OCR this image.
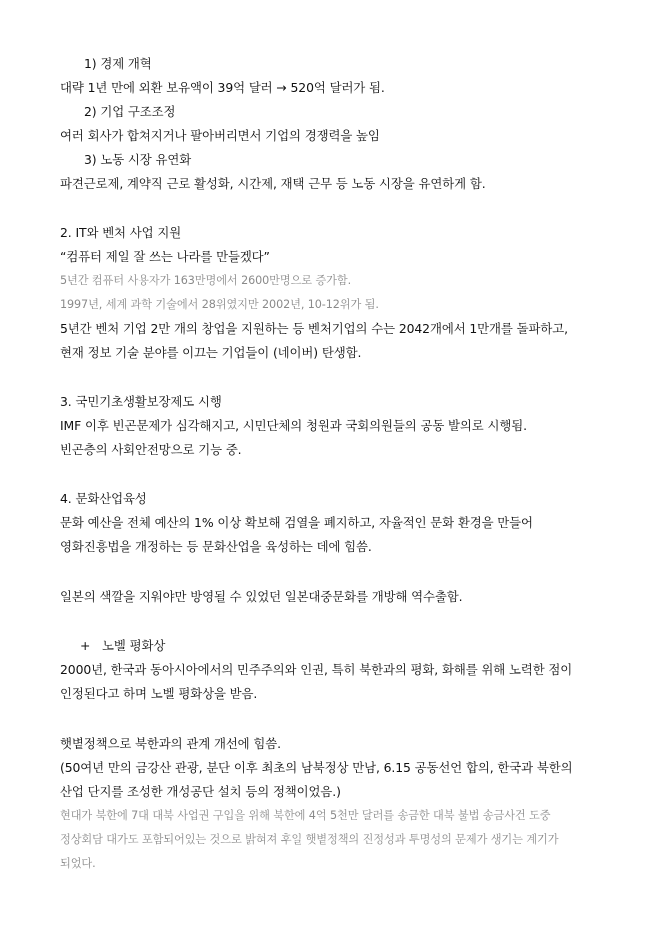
1) 경제 개혁
대략 1년 만에 외환 보유액이 39억 달러 → 520억 달러가 됨.
2) 기업 구조조정
여러 회사가 합쳐지거나 팔아버리면서 기업의 경쟁력을 높임
3) 노동 시장 유연화
파견근로제, 계약직 근로 활성화, 시간제, 재택 근무 등 노동 시장을 유연하게 함.
2. IT와 벤처 사업 지원
“컴퓨터 제일 잘 쓰는 나라를 만들겠다”
5년간 컴퓨터 사용자가 163만명에서 2600만명으로 증가함.
1997년, 세계 과학 기술에서 28위였지만 2002년, 10-12위가 됨.
5년간 벤처 기업 2만 개의 창업을 지원하는 등 벤처기업의 수는 2042개에서 1만개를 돌파하고,
현재 정보 기술 분야를 이끄는 기업들이 (네이버) 탄생함.
3. 국민기초생활보장제도 시행
IMF 이후 빈곤문제가 심각해지고, 시민단체의 청원과 국회의원들의 공동 발의로 시행됨.
빈곤층의 사회안전망으로 기능 중.
4. 문화산업육성
문화 예산을 전체 예산의 1% 이상 확보해 검열을 폐지하고, 자율적인 문화 환경을 만들어
영화진흥법을 개정하는 등 문화산업을 육성하는 데에 힘씀.
일본의 색깔을 지워야만 방영될 수 있었던 일본대중문화를 개방해 역수출함.
+ 노벨 평화상
2000년, 한국과 동아시아에서의 민주주의와 인권, 특히 북한과의 평화, 화해를 위해 노력한 점이
인정된다고 하며 노벨 평화상을 받음.
햇볕정책으로 북한과의 관계 개선에 힘씀.
(50여년 만의 금강산 관광, 분단 이후 최초의 남북정상 만남, 6.15 공동선언 합의, 한국과 북한의
산업 단지를 조성한 개성공단 설치 등의 정책이었음.)
현대가 북한에 7대 대북 사업권 구입을 위해 북한에 4억 5천만 달러를 송금한 대북 불법 송금사건 도중
정상회담 대가도 포함되어있는 것으로 밝혀져 후일 햇볕정책의 진정성과 투명성의 문제가 생기는 계기가
되었다.
